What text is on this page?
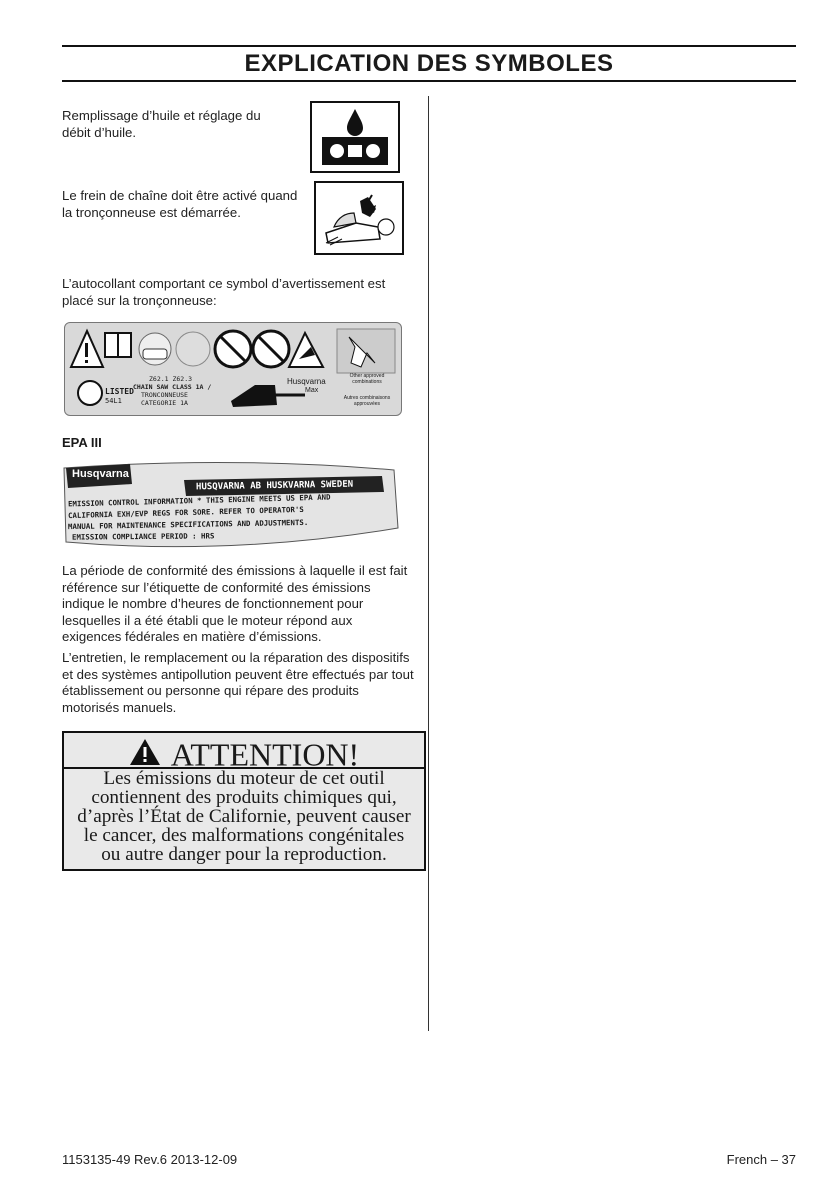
EXPLICATION DES SYMBOLES
Remplissage d’huile et réglage du débit d’huile.
Le frein de chaîne doit être activé quand la tronçonneuse est démarrée.
L’autocollant comportant ce symbol d’avertissement est placé sur la tronçonneuse:
LISTED
54L1
Z62.1 Z62.3
CHAIN SAW CLASS 1A /
TRONCONNEUSE
CATEGORIE 1A
Husqvarna
Max
Other approved combinations
Autres combinaisons approuvées
EPA III
Husqvarna
HUSQVARNA AB HUSKVARNA SWEDEN
EMISSION CONTROL INFORMATION * THIS ENGINE MEETS US EPA AND
CALIFORNIA EXH/EVP REGS FOR SORE. REFER TO OPERATOR'S
MANUAL FOR MAINTENANCE SPECIFICATIONS AND ADJUSTMENTS.
EMISSION COMPLIANCE PERIOD : HRS
La période de conformité des émissions à laquelle il est fait référence sur l’étiquette de conformité des émissions indique le nombre d’heures de fonctionnement pour lesquelles il a été établi que le moteur répond aux exigences fédérales en matière d’émissions.
L’entretien, le remplacement ou la réparation des dispositifs et des systèmes antipollution peuvent être effectués par tout établissement ou personne qui répare des produits motorisés manuels.
ATTENTION!
Les émissions du moteur de cet outil
contiennent des produits chimiques qui,
d’après l’État de Californie, peuvent causer
le cancer, des malformations congénitales
ou autre danger pour la reproduction.
1153135-49 Rev.6 2013-12-09	French – 37
